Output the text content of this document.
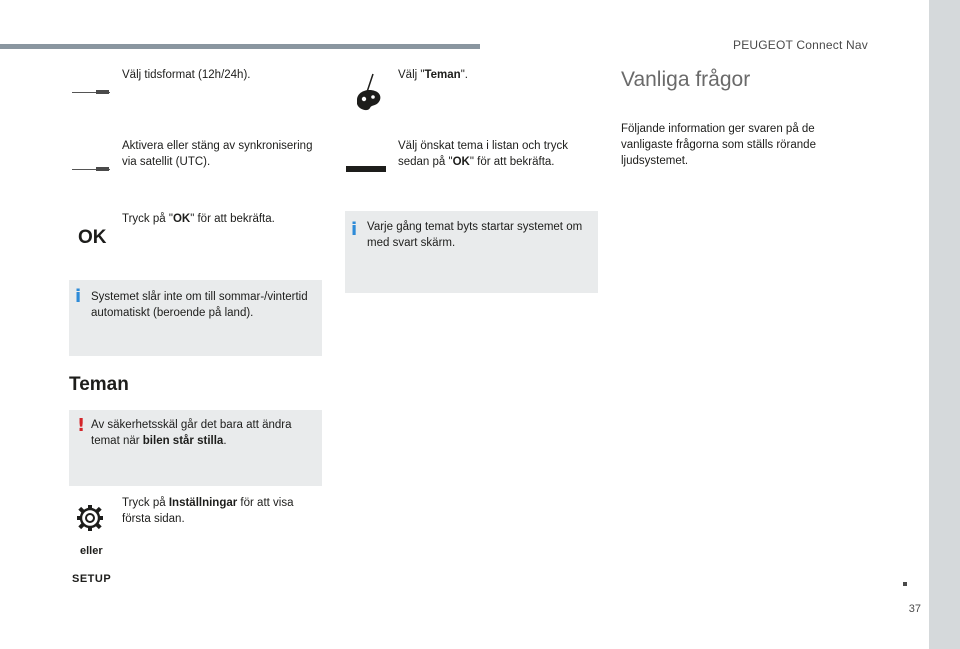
PEUGEOT Connect Nav
37
Välj tidsformat (12h/24h).
Aktivera eller stäng av synkronisering via satellit (UTC).
OK
Tryck på "OK" för att bekräfta.
i Systemet slår inte om till sommar-/vintertid automatiskt (beroende på land).
Teman
! Av säkerhetsskäl går det bara att ändra temat när bilen står stilla.
eller
SETUP
Tryck på Inställningar för att visa första sidan.
Välj "Teman".
Välj önskat tema i listan och tryck sedan på "OK" för att bekräfta.
i Varje gång temat byts startar systemet om med svart skärm.
Vanliga frågor
Följande information ger svaren på de vanligaste frågorna som ställs rörande ljudsystemet.
